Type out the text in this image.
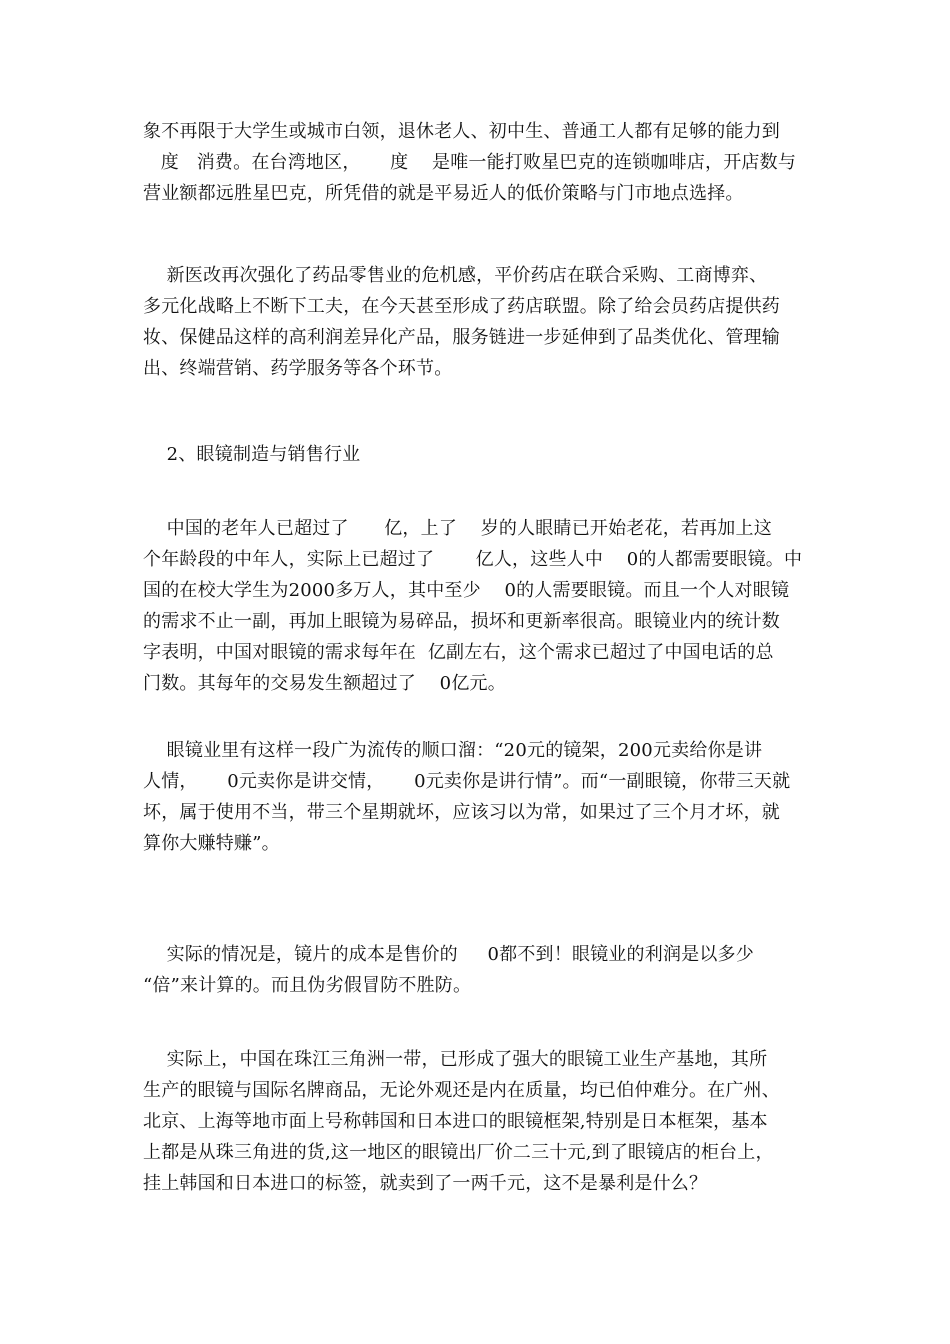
象不再限于大学生或城市白领，退休老人、初中生、普通工人都有足够的能力到
度   消费。在台湾地区，     度    是唯一能打败星巴克的连锁咖啡店，开店数与
营业额都远胜星巴克，所凭借的就是平易近人的低价策略与门市地点选择。
新医改再次强化了药品零售业的危机感，平价药店在联合采购、工商博弈、
多元化战略上不断下工夫，在今天甚至形成了药店联盟。除了给会员药店提供药
妆、保健品这样的高利润差异化产品，服务链进一步延伸到了品类优化、管理输
出、终端营销、药学服务等各个环节。
2、眼镜制造与销售行业
中国的老年人已超过了      亿，上了    岁的人眼睛已开始老花，若再加上这
个年龄段的中年人，实际上已超过了       亿人，这些人中    0的人都需要眼镜。中
国的在校大学生为2000多万人，其中至少    0的人需要眼镜。而且一个人对眼镜
的需求不止一副，再加上眼镜为易碎品，损坏和更新率很高。眼镜业内的统计数
字表明，中国对眼镜的需求每年在  亿副左右，这个需求已超过了中国电话的总
门数。其每年的交易发生额超过了    0亿元。
眼镜业里有这样一段广为流传的顺口溜：“20元的镜架，200元卖给你是讲
人情，     0元卖你是讲交情，     0元卖你是讲行情”。而“一副眼镜，你带三天就
坏，属于使用不当，带三个星期就坏，应该习以为常，如果过了三个月才坏，就
算你大赚特赚”。
实际的情况是，镜片的成本是售价的     0都不到！眼镜业的利润是以多少
“倍”来计算的。而且伪劣假冒防不胜防。
实际上，中国在珠江三角洲一带，已形成了强大的眼镜工业生产基地，其所
生产的眼镜与国际名牌商品，无论外观还是内在质量，均已伯仲难分。在广州、
北京、上海等地市面上号称韩国和日本进口的眼镜框架,特别是日本框架，基本
上都是从珠三角进的货,这一地区的眼镜出厂价二三十元,到了眼镜店的柜台上，
挂上韩国和日本进口的标签，就卖到了一两千元，这不是暴利是什么？
